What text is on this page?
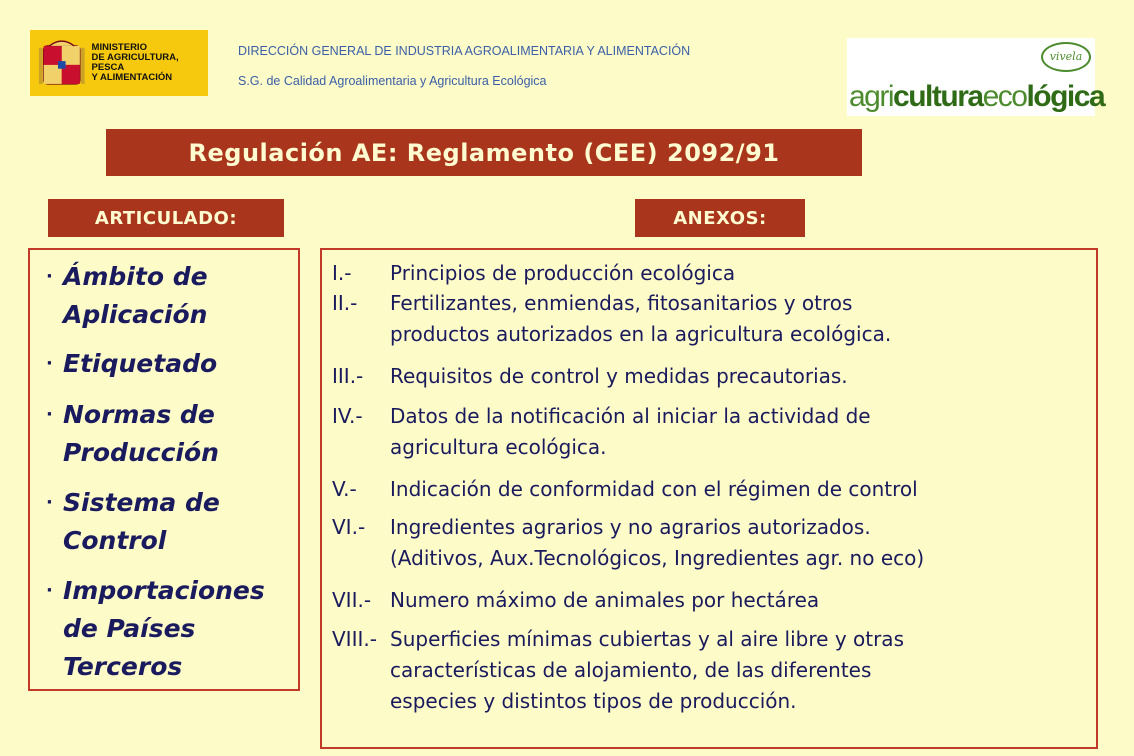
MINISTERIO
DE AGRICULTURA, PESCA
Y ALIMENTACIÓN
DIRECCIÓN GENERAL DE INDUSTRIA AGROALIMENTARIA Y ALIMENTACIÓN
S.G. de Calidad Agroalimentaria y Agricultura Ecológica
vivela
agriculturaecológica
Regulación AE: Reglamento (CEE) 2092/91
ARTICULADO:	ANEXOS:
· Ámbito de Aplicación
· Etiquetado
· Normas de Producción
· Sistema de Control
· Importaciones de Países Terceros
I.- Principios de producción ecológica
II.- Fertilizantes, enmiendas, fitosanitarios y otros
productos autorizados en la agricultura ecológica.
III.- Requisitos de control y medidas precautorias.
IV.- Datos de la notificación al iniciar la actividad de
agricultura ecológica.
V.- Indicación de conformidad con el régimen de control
VI.- Ingredientes agrarios y no agrarios autorizados.
(Aditivos, Aux.Tecnológicos, Ingredientes agr. no eco)
VII.- Numero máximo de animales por hectárea
VIII.- Superficies mínimas cubiertas y al aire libre y otras
características de alojamiento, de las diferentes
especies y distintos tipos de producción.
